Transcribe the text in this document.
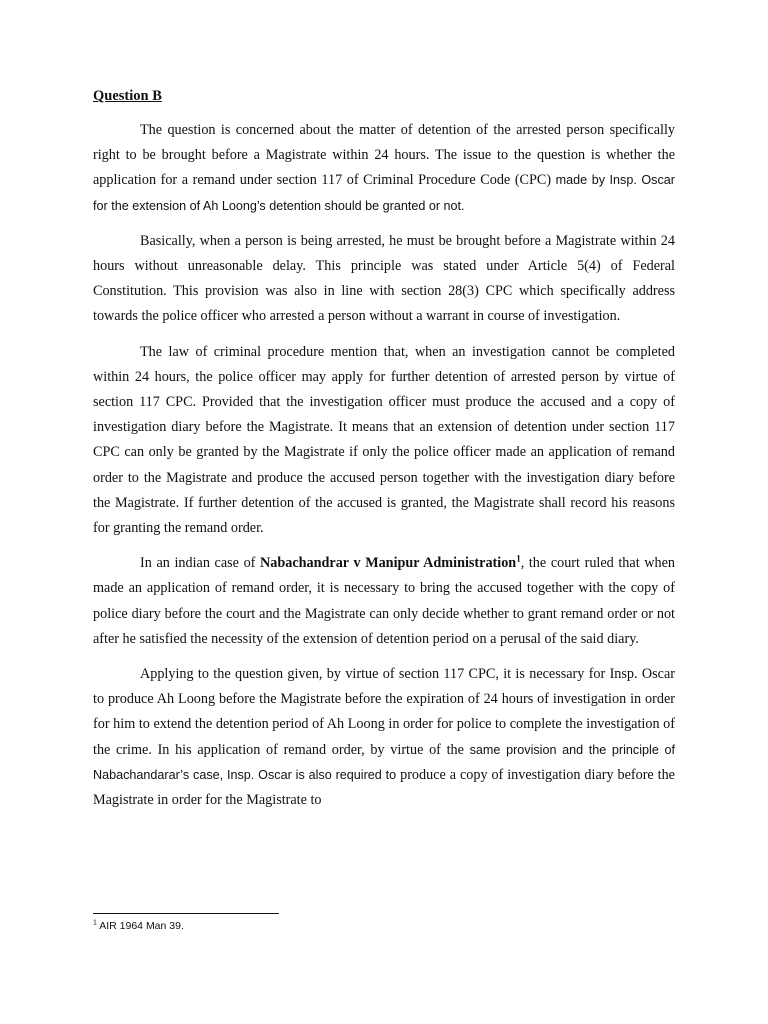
Question B

The question is concerned about the matter of detention of the arrested person specifically right to be brought before a Magistrate within 24 hours. The issue to the question is whether the application for a remand under section 117 of Criminal Procedure Code (CPC) made by Insp. Oscar for the extension of Ah Loong’s detention should be granted or not.

Basically, when a person is being arrested, he must be brought before a Magistrate within 24 hours without unreasonable delay. This principle was stated under Article 5(4) of Federal Constitution. This provision was also in line with section 28(3) CPC which specifically address towards the police officer who arrested a person without a warrant in course of investigation.

The law of criminal procedure mention that, when an investigation cannot be completed within 24 hours, the police officer may apply for further detention of arrested person by virtue of section 117 CPC. Provided that the investigation officer must produce the accused and a copy of investigation diary before the Magistrate. It means that an extension of detention under section 117 CPC can only be granted by the Magistrate if only the police officer made an application of remand order to the Magistrate and produce the accused person together with the investigation diary before the Magistrate. If further detention of the accused is granted, the Magistrate shall record his reasons for granting the remand order.

In an indian case of Nabachandrar v Manipur Administration$^1$, the court ruled that when made an application of remand order, it is necessary to bring the accused together with the copy of police diary before the court and the Magistrate can only decide whether to grant remand order or not after he satisfied the necessity of the extension of detention period on a perusal of the said diary.

Applying to the question given, by virtue of section 117 CPC, it is necessary for Insp. Oscar to produce Ah Loong before the Magistrate before the expiration of 24 hours of investigation in order for him to extend the detention period of Ah Loong in order for police to complete the investigation of the crime. In his application of remand order, by virtue of the same provision and the principle of Nabachandarar’s case, Insp. Oscar is also required to produce a copy of investigation diary before the Magistrate in order for the Magistrate to

$^1$ AIR 1964 Man 39.
